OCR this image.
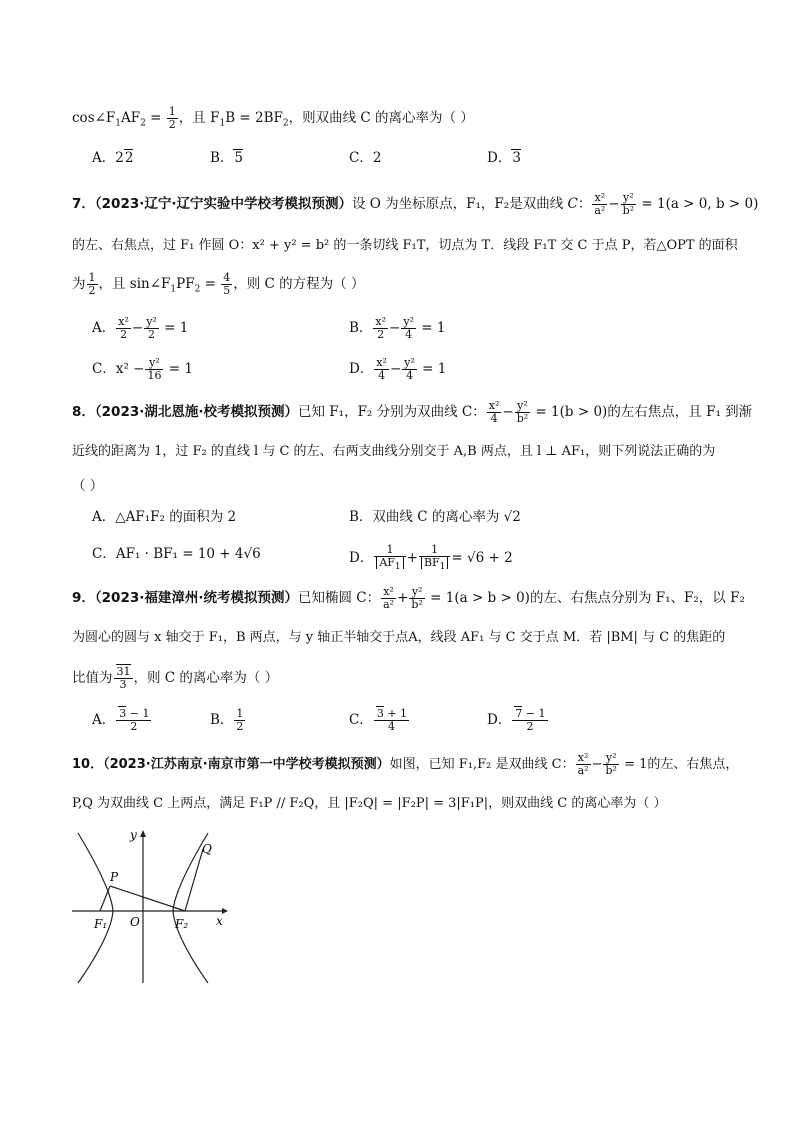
$\cos\angle F_1AF_2 = \frac{1}{2}$ ，且 $F_1B = 2BF_2$，则双曲线 C 的离心率为（ ）
A．22	B．5	C．2	D．3
7．（2023·辽宁·辽宁实验中学校考模拟预测）设 O 为坐标原点，F₁，F₂是双曲线 C： $\frac{\text{x²}}{\text{a²}} - \frac{\text{y²}}{\text{b²}} = 1(a > 0$, b > 0)
的左、右焦点，过 F₁ 作圆 O：x² + y² = b² 的一条切线 F₁T，切点为 T．线段 F₁T 交 C 于点 P，若△OPT 的面积
为 $\frac{1}{2}$ ，且 $\sin\angle F_1PF_2 = \frac{4}{5}$ ，则 C 的方程为（ ）
A． $\frac{\text{x²}}{2} - \frac{\text{y²}}{2} = 1$	B． $\frac{\text{x²}}{2} - \frac{\text{y²}}{4} = 1$
C．$x^2 - \frac{\text{y²}}{16} = 1$	D． $\frac{\text{x²}}{4} - \frac{\text{y²}}{4} = 1$
8．（2023·湖北恩施·校考模拟预测）已知 F₁，F₂ 分别为双曲线 C： $\frac{\text{x²}}{4} - \frac{\text{y²}}{\text{b²}} = 1(b > 0)$的左右焦点，且 F₁ 到渐
近线的距离为 1，过 F₂ 的直线 l 与 C 的左、右两支曲线分别交于 A,B 两点，且 l ⊥ AF₁，则下列说法正确的为
（ ）
A．△AF₁F₂ 的面积为 2	B．双曲线 C 的离心率为 √2
C．AF₁ · BF₁ = 10 + 4√6	D． $\frac{1}{AF_1} + \frac{1}{BF_1} = √6 + 2$
9．（2023·福建漳州·统考模拟预测）已知椭圆 C： $\frac{\text{x²}}{\text{a²}} + \frac{\text{y²}}{\text{b²}} = 1(a > b > 0)$的左、右焦点分别为 F₁、F₂，以 F₂
为圆心的圆与 x 轴交于 F₁，B 两点，与 y 轴正半轴交于点A，线段 AF₁ 与 C 交于点 M．若 |BM| 与 C 的焦距的
比值为 $\frac{31}{3}$ ，则 C 的离心率为（ ）
A． $\frac{3 - 1}{2}$	B． $\frac{1}{2}$	C． $\frac{3 + 1}{4}$	D． $\frac{7 - 1}{2}$
10．（2023·江苏南京·南京市第一中学校考模拟预测）如图，已知 F₁,F₂ 是双曲线 C： $\frac{\text{x²}}{\text{a²}} - \frac{\text{y²}}{\text{b²}} = 1$的左、右焦点，
P,Q 为双曲线 C 上两点，满足 F₁P // F₂Q，且 |F₂Q| = |F₂P| = 3|F₁P|，则双曲线 C 的离心率为（ ）
y
x
O
P
Q
F₁	F₂
